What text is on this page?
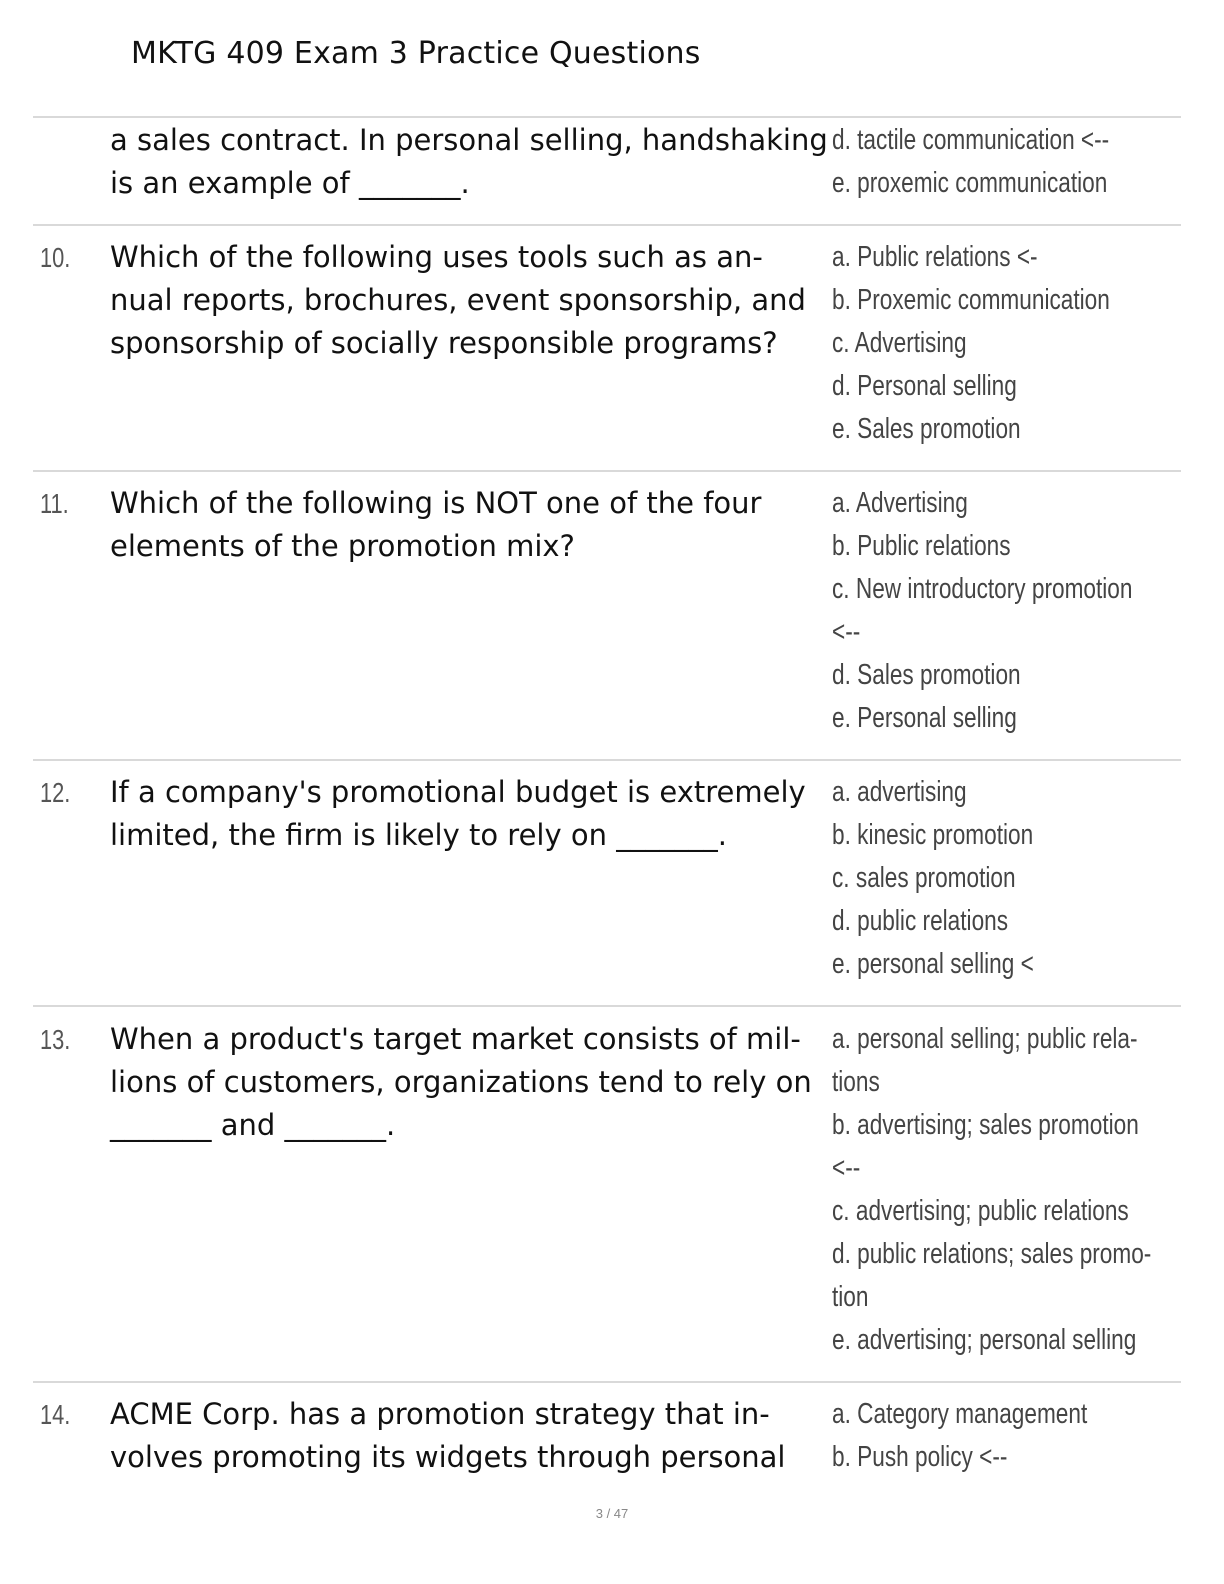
MKTG 409 Exam 3 Practice Questions
a sales contract. In personal selling, handshaking
is an example of _______.
d. tactile communication <--
e. proxemic communication
10.	Which of the following uses tools such as an-
nual reports, brochures, event sponsorship, and
sponsorship of socially responsible programs?
a. Public relations <-
b. Proxemic communication
c. Advertising
d. Personal selling
e. Sales promotion
11.	Which of the following is NOT one of the four
elements of the promotion mix?
a. Advertising
b. Public relations
c. New introductory promotion
<--
d. Sales promotion
e. Personal selling
12.	If a company's promotional budget is extremely
limited, the firm is likely to rely on _______.
a. advertising
b. kinesic promotion
c. sales promotion
d. public relations
e. personal selling <
13.	When a product's target market consists of mil-
lions of customers, organizations tend to rely on
_______ and _______.
a. personal selling; public rela-
tions
b. advertising; sales promotion
<--
c. advertising; public relations
d. public relations; sales promo-
tion
e. advertising; personal selling
14.	ACME Corp. has a promotion strategy that in-
volves promoting its widgets through personal
a. Category management
b. Push policy <--
3 / 47
